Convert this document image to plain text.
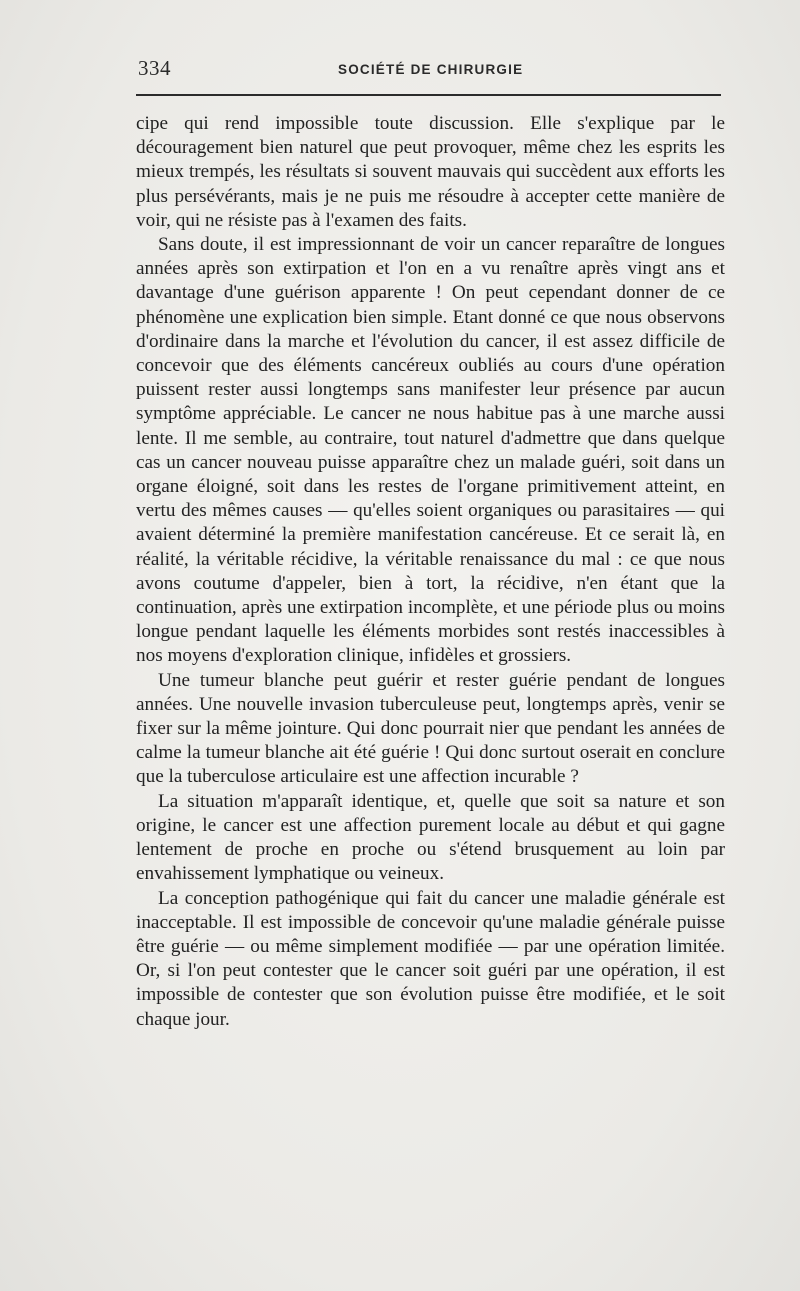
334	SOCIÉTÉ DE CHIRURGIE

cipe qui rend impossible toute discussion. Elle s'explique par le découragement bien naturel que peut provoquer, même chez les esprits les mieux trempés, les résultats si souvent mauvais qui succèdent aux efforts les plus persévérants, mais je ne puis me résoudre à accepter cette manière de voir, qui ne résiste pas à l'examen des faits.

Sans doute, il est impressionnant de voir un cancer reparaître de longues années après son extirpation et l'on en a vu renaître après vingt ans et davantage d'une guérison apparente ! On peut cependant donner de ce phénomène une explication bien simple. Etant donné ce que nous observons d'ordinaire dans la marche et l'évolution du cancer, il est assez difficile de concevoir que des éléments cancéreux oubliés au cours d'une opération puissent rester aussi longtemps sans manifester leur présence par aucun symptôme appréciable. Le cancer ne nous habitue pas à une marche aussi lente. Il me semble, au contraire, tout naturel d'admettre que dans quelque cas un cancer nouveau puisse apparaître chez un malade guéri, soit dans un organe éloigné, soit dans les restes de l'organe primitivement atteint, en vertu des mêmes causes — qu'elles soient organiques ou parasitaires — qui avaient déterminé la première manifestation cancéreuse. Et ce serait là, en réalité, la véritable récidive, la véritable renaissance du mal : ce que nous avons coutume d'appeler, bien à tort, la récidive, n'en étant que la continuation, après une extirpation incomplète, et une période plus ou moins longue pendant laquelle les éléments morbides sont restés inaccessibles à nos moyens d'exploration clinique, infidèles et grossiers.

Une tumeur blanche peut guérir et rester guérie pendant de longues années. Une nouvelle invasion tuberculeuse peut, longtemps après, venir se fixer sur la même jointure. Qui donc pourrait nier que pendant les années de calme la tumeur blanche ait été guérie ! Qui donc surtout oserait en conclure que la tuberculose articulaire est une affection incurable ?

La situation m'apparaît identique, et, quelle que soit sa nature et son origine, le cancer est une affection purement locale au début et qui gagne lentement de proche en proche ou s'étend brusquement au loin par envahissement lymphatique ou veineux.

La conception pathogénique qui fait du cancer une maladie générale est inacceptable. Il est impossible de concevoir qu'une maladie générale puisse être guérie — ou même simplement modifiée — par une opération limitée. Or, si l'on peut contester que le cancer soit guéri par une opération, il est impossible de contester que son évolution puisse être modifiée, et le soit chaque jour.
